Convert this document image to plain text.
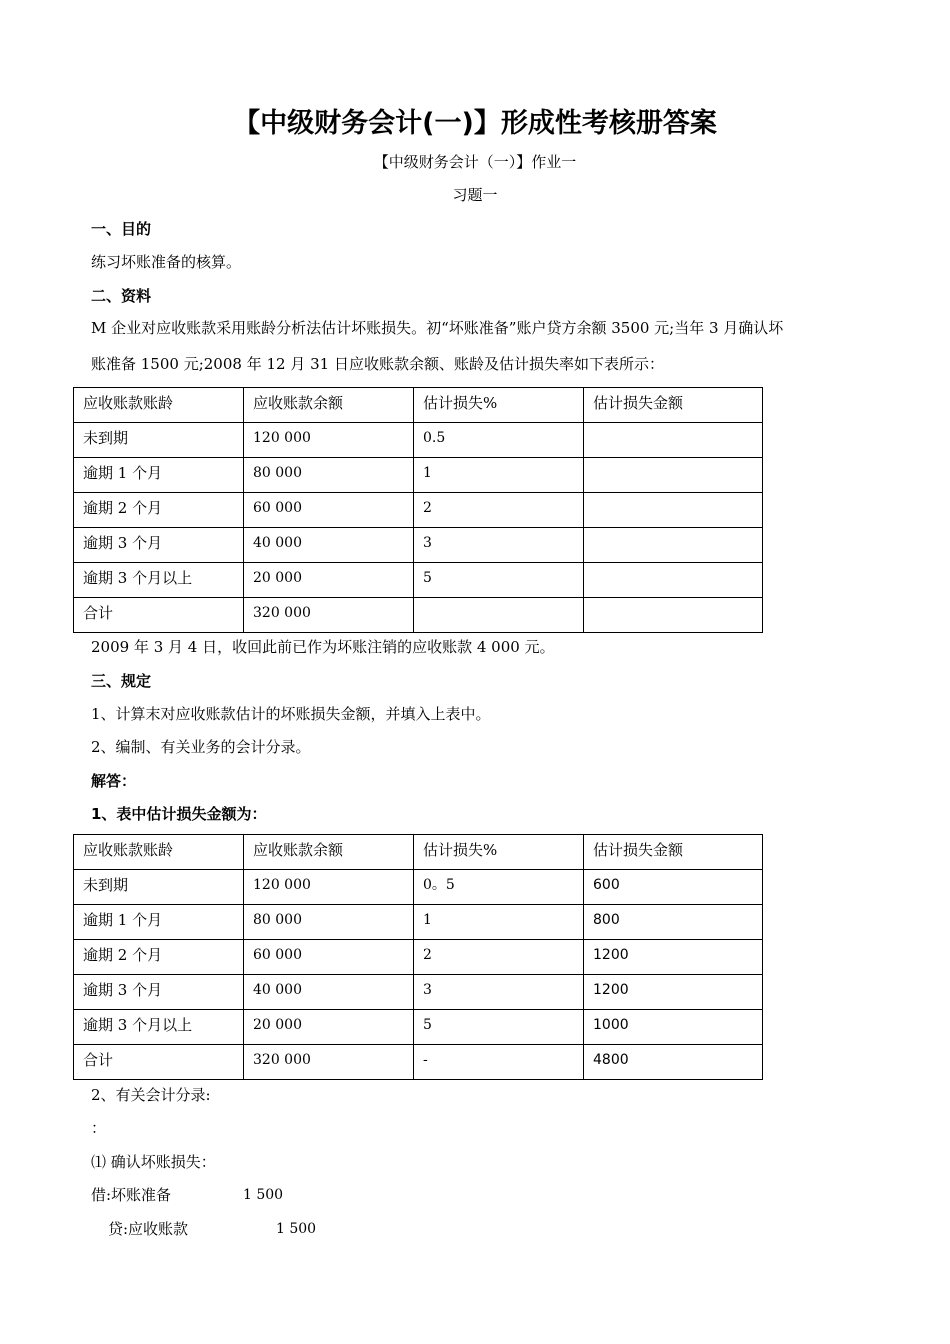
【中级财务会计(一)】形成性考核册答案
【中级财务会计（一）】作业一
习题一
一、目的
练习坏账准备的核算。
二、资料
M 企业对应收账款采用账龄分析法估计坏账损失。初“坏账准备”账户贷方余额 3500 元;当年 3 月确认坏
账准备 1500 元;2008 年 12 月 31 日应收账款余额、账龄及估计损失率如下表所示：
应收账款账龄	应收账款余额	估计损失%	估计损失金额
未到期	120 000	0.5	
逾期 1 个月	80 000	1	
逾期 2 个月	60 000	2	
逾期 3 个月	40 000	3	
逾期 3 个月以上	20 000	5	
合计	320 000		
2009 年 3 月 4 日，收回此前已作为坏账注销的应收账款 4 000 元。
三、规定
1、计算末对应收账款估计的坏账损失金额，并填入上表中。
2、编制、有关业务的会计分录。
解答：
1、表中估计损失金额为：
应收账款账龄	应收账款余额	估计损失%	估计损失金额
未到期	120 000	0。5	600
逾期 1 个月	80 000	1	800
逾期 2 个月	60 000	2	1200
逾期 3 个月	40 000	3	1200
逾期 3 个月以上	20 000	5	1000
合计	320 000	-	4800
2、有关会计分录:
：
⑴ 确认坏账损失：
借:坏账准备	1 500
贷:应收账款	1 500
